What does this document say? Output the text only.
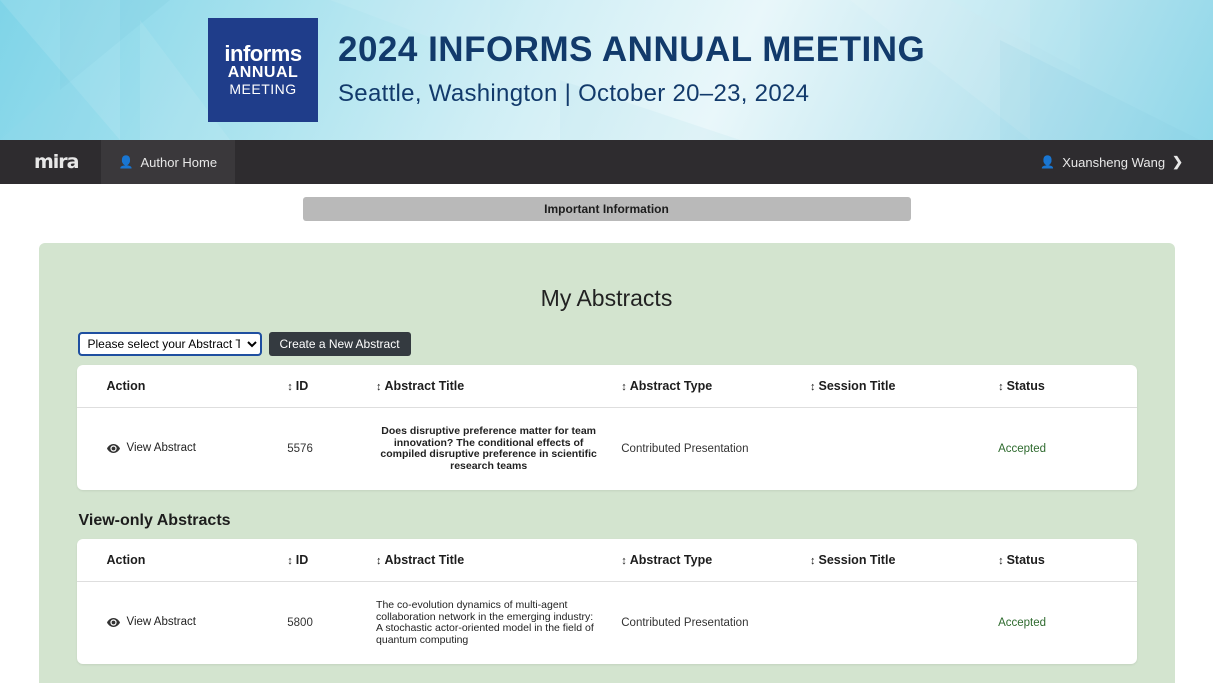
informs
ANNUAL
MEETING
2024 INFORMS ANNUAL MEETING
Seattle, Washington | October 20–23, 2024
mira	👤 Author Home	👤 Xuansheng Wang ❯
Important Information
My Abstracts
Please select your Abstract Type
Create a New Abstract
Action	↕ ID	↕ Abstract Title	↕ Abstract Type	↕ Session Title	↕ Status

View Abstract	5576	Does disruptive preference matter for team innovation? The conditional effects of compiled disruptive preference in scientific research teams	Contributed Presentation		Accepted
View-only Abstracts
Action	↕ ID	↕ Abstract Title	↕ Abstract Type	↕ Session Title	↕ Status

View Abstract	5800	The co-evolution dynamics of multi-agent collaboration network in the emerging industry: A stochastic actor-oriented model in the field of quantum computing	Contributed Presentation		Accepted
